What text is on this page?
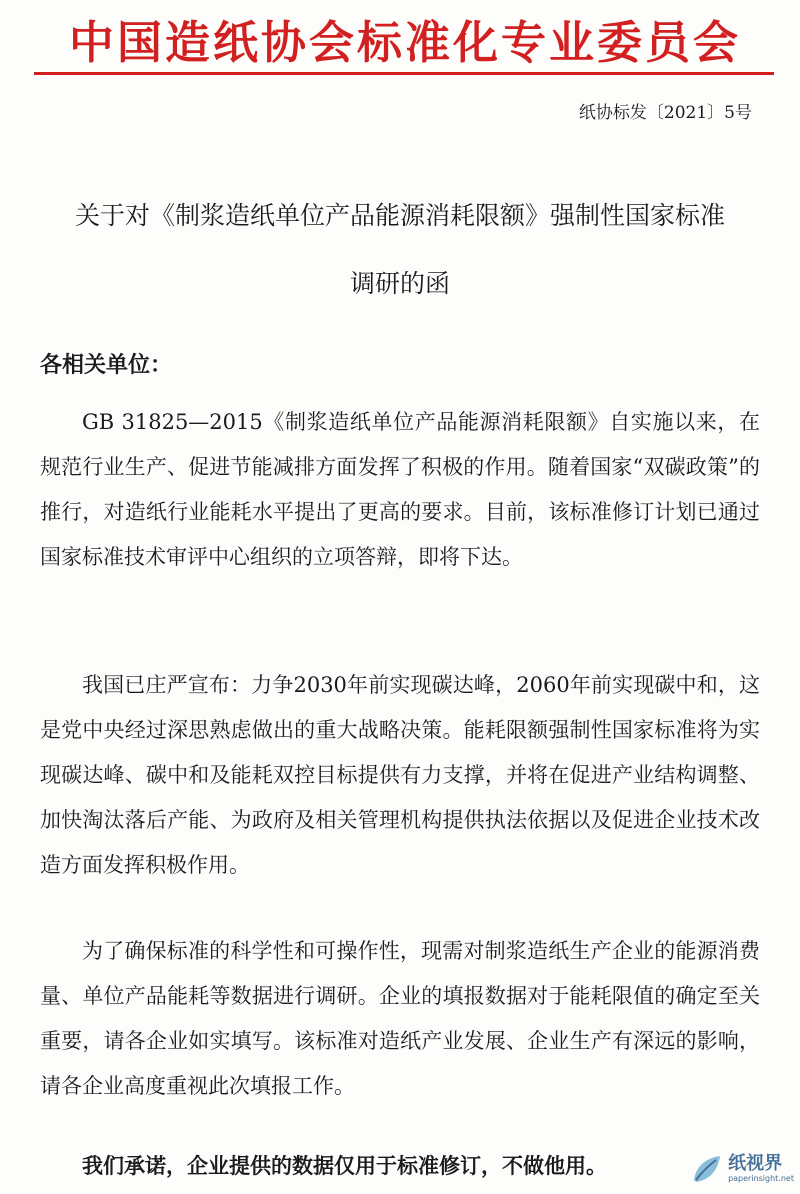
中国造纸协会标准化专业委员会
纸协标发〔2021〕5号
关于对《制浆造纸单位产品能源消耗限额》强制性国家标准
调研的函
各相关单位：

GB 31825—2015《制浆造纸单位产品能源消耗限额》自实施以来，在规范行业生产、促进节能减排方面发挥了积极的作用。随着国家“双碳政策”的推行，对造纸行业能耗水平提出了更高的要求。目前，该标准修订计划已通过国家标准技术审评中心组织的立项答辩，即将下达。

我国已庄严宣布：力争2030年前实现碳达峰，2060年前实现碳中和，这是党中央经过深思熟虑做出的重大战略决策。能耗限额强制性国家标准将为实现碳达峰、碳中和及能耗双控目标提供有力支撑，并将在促进产业结构调整、加快淘汰落后产能、为政府及相关管理机构提供执法依据以及促进企业技术改造方面发挥积极作用。

为了确保标准的科学性和可操作性，现需对制浆造纸生产企业的能源消费量、单位产品能耗等数据进行调研。企业的填报数据对于能耗限值的确定至关重要，请各企业如实填写。该标准对造纸产业发展、企业生产有深远的影响，请各企业高度重视此次填报工作。

我们承诺，企业提供的数据仅用于标准修订，不做他用。	纸视界
paperinsight.net
